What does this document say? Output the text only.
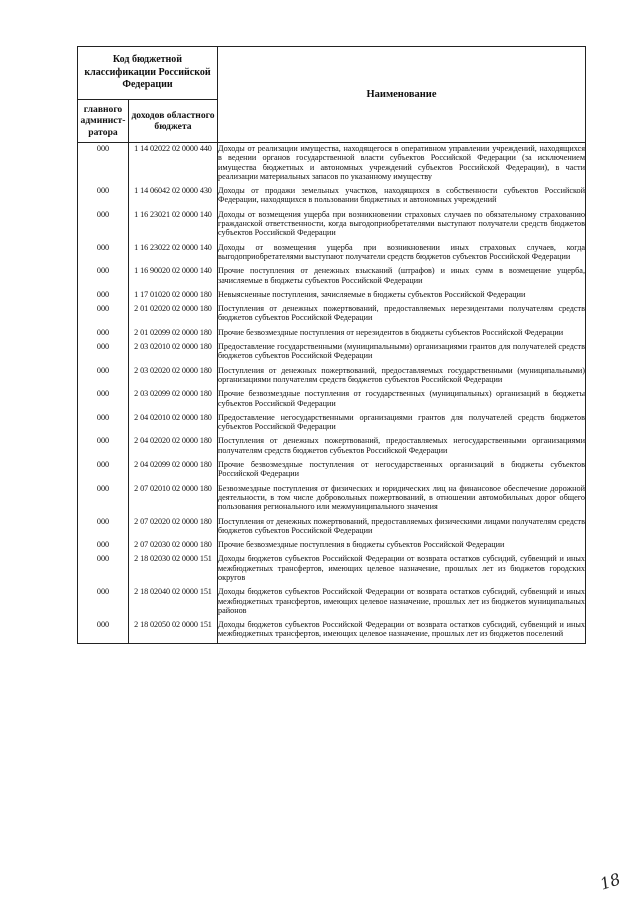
Код бюджетной классификации Российской Федерации		Наименование
главного админист-ратора	доходов областного бюджета	
000	1 14 02022 02 0000 440	Доходы от реализации имущества, находящегося в оперативном управлении учреждений, находящихся в ведении органов государственной власти субъектов Российской Федерации (за исключением имущества бюджетных и автономных учреждений субъектов Российской Федерации), в части реализации материальных запасов по указанному имуществу
000	1 14 06042 02 0000 430	Доходы от продажи земельных участков, находящихся в собственности субъектов Российской Федерации, находящихся в пользовании бюджетных и автономных учреждений
000	1 16 23021 02 0000 140	Доходы от возмещения ущерба при возникновении страховых случаев по обязательному страхованию гражданской ответственности, когда выгодоприобретателями выступают получатели средств бюджетов субъектов Российской Федерации
000	1 16 23022 02 0000 140	Доходы от возмещения ущерба при возникновении иных страховых случаев, когда выгодоприобретателями выступают получатели средств бюджетов субъектов Российской Федерации
000	1 16 90020 02 0000 140	Прочие поступления от денежных взысканий (штрафов) и иных сумм в возмещение ущерба, зачисляемые в бюджеты субъектов Российской Федерации
000	1 17 01020 02 0000 180	Невыясненные поступления, зачисляемые в бюджеты субъектов Российской Федерации
000	2 01 02020 02 0000 180	Поступления от денежных пожертвований, предоставляемых нерезидентами получателям средств бюджетов субъектов Российской Федерации
000	2 01 02099 02 0000 180	Прочие безвозмездные поступления от нерезидентов в бюджеты субъектов Российской Федерации
000	2 03 02010 02 0000 180	Предоставление государственными (муниципальными) организациями грантов для получателей средств бюджетов субъектов Российской Федерации
000	2 03 02020 02 0000 180	Поступления от денежных пожертвований, предоставляемых государственными (муниципальными) организациями получателям средств бюджетов субъектов Российской Федерации
000	2 03 02099 02 0000 180	Прочие безвозмездные поступления от государственных (муниципальных) организаций в бюджеты субъектов Российской Федерации
000	2 04 02010 02 0000 180	Предоставление негосударственными организациями грантов для получателей средств бюджетов субъектов Российской Федерации
000	2 04 02020 02 0000 180	Поступления от денежных пожертвований, предоставляемых негосударственными организациями получателям средств бюджетов субъектов Российской Федерации
000	2 04 02099 02 0000 180	Прочие безвозмездные поступления от негосударственных организаций в бюджеты субъектов Российской Федерации
000	2 07 02010 02 0000 180	Безвозмездные поступления от физических и юридических лиц на финансовое обеспечение дорожной деятельности, в том числе добровольных пожертвований, в отношении автомобильных дорог общего пользования регионального или межмуниципального значения
000	2 07 02020 02 0000 180	Поступления от денежных пожертвований, предоставляемых физическими лицами получателям средств бюджетов субъектов Российской Федерации
000	2 07 02030 02 0000 180	Прочие безвозмездные поступления в бюджеты субъектов Российской Федерации
000	2 18 02030 02 0000 151	Доходы бюджетов субъектов Российской Федерации от возврата остатков субсидий, субвенций и иных межбюджетных трансфертов, имеющих целевое назначение, прошлых лет из бюджетов городских округов
000	2 18 02040 02 0000 151	Доходы бюджетов субъектов Российской Федерации от возврата остатков субсидий, субвенций и иных межбюджетных трансфертов, имеющих целевое назначение, прошлых лет из бюджетов муниципальных районов
000	2 18 02050 02 0000 151	Доходы бюджетов субъектов Российской Федерации от возврата остатков субсидий, субвенций и иных межбюджетных трансфертов, имеющих целевое назначение, прошлых лет из бюджетов поселений
18
